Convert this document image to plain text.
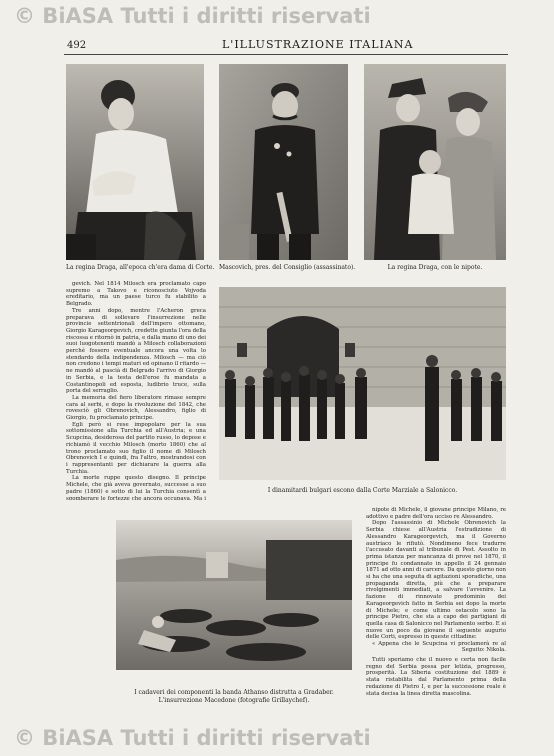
© BiASA Tutti i diritti riservati
492	L'ILLUSTRAZIONE ITALIANA
La regina Draga, all'epoca ch'era dama di Corte. Mascovich, pres. del Consiglio (assassinato).	La regina Draga, con le nipote.

gevich. Nel 1814 Milosch era proclamato capo supremo a Takovo e riconosciuto Vojvoda ereditario, ma un paese turco fu stabilito a Belgrado.

Tre anni dopo, mentre l'Acheron greca preparava di sollevare l'insurrezione nelle provincie settentrionali dell'impero ottomano, Giorgio Karageorgevich, credette giunta l'ora della riscossa e ritornò in patria, e dalla mano di uno dei suoi luogotenenti mandò a Milosch collaborazioni perché fossero eventuale ancora una volta lo stendardo della indipendenza. Milosch — ma ciò non credono i tempi maturi ed opinano il ritardo — ne mandò al pascià di Belgrado l'arrivo di Giorgio in Serbia, e la testa dell'eroe fu mandata a Costantinopoli ed esposta, ludibrio truce, sulla porta del serraglio.

La memoria del fiero liberatore rimase sempre cara al serbi, e dopo la rivoluzione del 1842, che rovesciò gli Obrenovich, Alessandro, figlio di Giorgio, fu proclamato principe.

Egli però si rese impopolare per la sua sottomissione alla Turchia ed all'Austria; e una Scupcina, desiderosa del partito russo, lo depose e richiamò il vecchio Milosch (morto 1860) che al trono proclamato suo figlio il nome di Milosch Obrenovich I e quindi, fra l'altro, mostrandosi con i rappresentanti per dichiarare la guerra alla Turchia.

La morte ruppe questo disegno. Il principe Michele, che già aveva governato, successe a suo padre (1860) e sotto di lui la Turchia consentì a sgomberare le fortezze che ancora occupava. Ma i

I dinamitardi bulgari escono dalla Corte Marziale a Salonicco.
I cadaveri dei componenti la banda Athanso distrutta a Gradaber.
L'insurrezione Macedone (fotografie Grillaychef).

nipote di Michele, il giovane principe Milano, re adottivo e padre dell'ora ucciso re Alessandro.

Dopo l'assassinio di Michele Obrenovich la Serbia chiese all'Austria l'estradizione di Alessandro Karageorgevich, ma il Governo austriaco le rifiutò. Nondimeno fece tradurre l'accusato davanti al tribunale di Pest. Assolto in prima istanza per mancanza di prove nel 1870, il principe fu condannato in appello il 24 gennaio 1871 ad otto anni di carcere. Da questo giorno non si ha che una seguita di agitazioni sporadiche, una propaganda diretta, più che a preparare rivolgimenti immediati, a salvare l'avvenire. La fazione di rinnovato predominio dei Karageorgevich fatto in Serbia sei dopo la morte di Michele; e come ultimo ostacolo sono la principe Pietro, che sta a capo dei partigiani di quella casa di Salonicco nel Parlamento serbo. E si nuove un poco da giovane il seguente augurio delle Corti, espresso in queste cittadine:

« Appena che le Scupcina vi proclamerà re al

Seguito: Nikola.

Tutti speriamo che il nuovo e certa non facile regno del Serbia possa per letizia, progresso, prosperità. La Siberia costituzione del 1889 è stata ristabilita dal Parlamento prima della redazione di Pietro I, e per la successione reale è stata decisa la linea diretta mascolina.

© BiASA Tutti i diritti riservati
